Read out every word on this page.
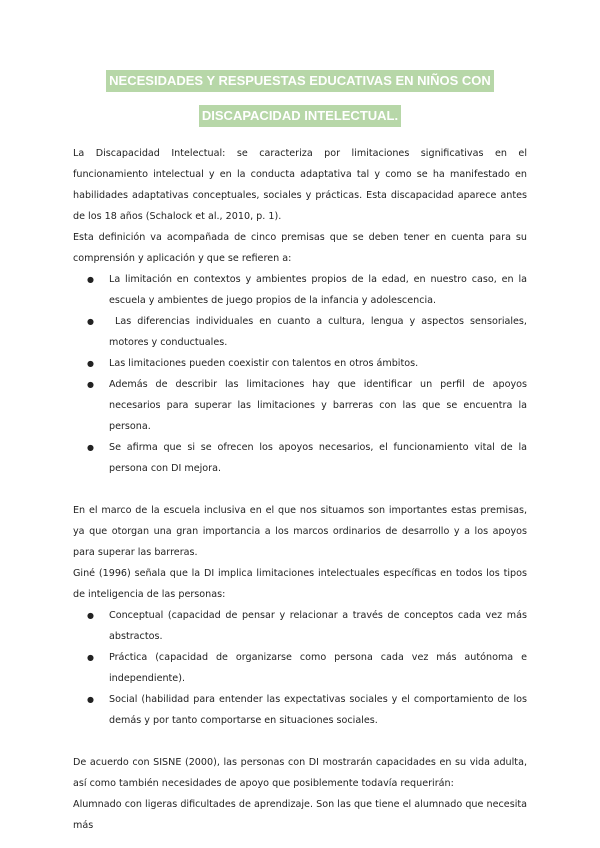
NECESIDADES Y RESPUESTAS EDUCATIVAS EN NIÑOS CON
DISCAPACIDAD INTELECTUAL.

La Discapacidad Intelectual: se caracteriza por limitaciones significativas en el funcionamiento intelectual y en la conducta adaptativa tal y como se ha manifestado en habilidades adaptativas conceptuales, sociales y prácticas. Esta discapacidad aparece antes de los 18 años (Schalock et al., 2010, p. 1).

Esta definición va acompañada de cinco premisas que se deben tener en cuenta para su comprensión y aplicación y que se refieren a:

● La limitación en contextos y ambientes propios de la edad, en nuestro caso, en la escuela y ambientes de juego propios de la infancia y adolescencia.
● Las diferencias individuales en cuanto a cultura, lengua y aspectos sensoriales, motores y conductuales.
● Las limitaciones pueden coexistir con talentos en otros ámbitos.
● Además de describir las limitaciones hay que identificar un perfil de apoyos necesarios para superar las limitaciones y barreras con las que se encuentra la persona.
● Se afirma que si se ofrecen los apoyos necesarios, el funcionamiento vital de la persona con DI mejora.

En el marco de la escuela inclusiva en el que nos situamos son importantes estas premisas, ya que otorgan una gran importancia a los marcos ordinarios de desarrollo y a los apoyos para superar las barreras.

Giné (1996) señala que la DI implica limitaciones intelectuales específicas en todos los tipos de inteligencia de las personas:

● Conceptual (capacidad de pensar y relacionar a través de conceptos cada vez más abstractos.
● Práctica (capacidad de organizarse como persona cada vez más autónoma e independiente).
● Social (habilidad para entender las expectativas sociales y el comportamiento de los demás y por tanto comportarse en situaciones sociales.

De acuerdo con SISNE (2000), las personas con DI mostrarán capacidades en su vida adulta, así como también necesidades de apoyo que posiblemente todavía requerirán:

Alumnado con ligeras dificultades de aprendizaje. Son las que tiene el alumnado que necesita más
